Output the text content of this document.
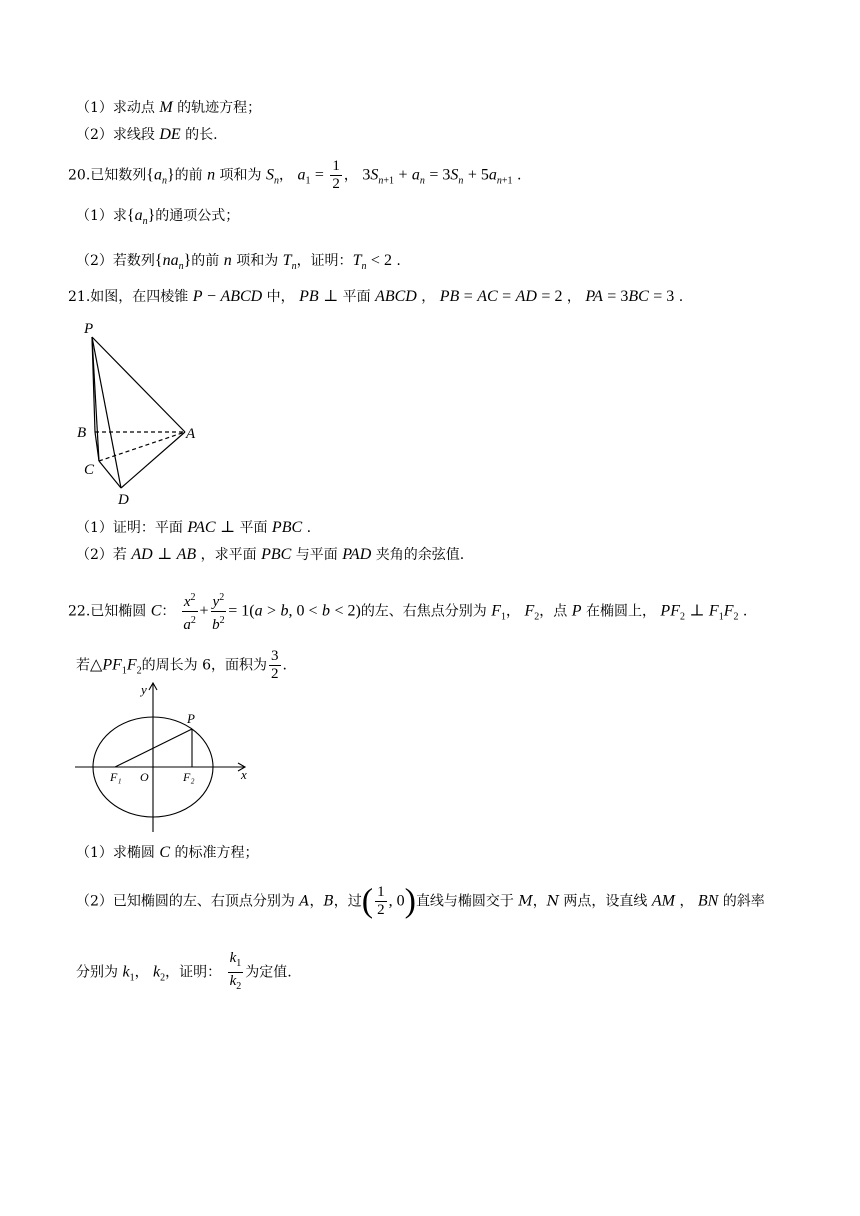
（1）求动点 M 的轨迹方程；
（2）求线段 DE 的长.
20.已知数列$\{a_n\}$的前 n 项和为 $S_n$， $a_1 = \frac{1}{2}$ ， $3S_{n+1} + a_n = 3S_n + 5a_{n+1}$ .
（1）求$\{a_n\}$的通项公式；
（2）若数列$\{na_n\}$的前 n 项和为 $T_n$，证明：$T_n < 2$ .
21.如图，在四棱锥 P − ABCD 中， PB ⊥ 平面 ABCD ， PB = AC = AD = 2 ， PA = 3BC = 3 .
P
B	A
C
D
（1）证明：平面 PAC ⊥ 平面 PBC .
（2）若 AD ⊥ AB ，求平面 PBC 与平面 PAD 夹角的余弦值.
22.已知椭圆 C： $\frac{x^2}{a^2} + \frac{y^2}{b^2} = 1(a > b$, 0 < b < 2)的左、右焦点分别为 $F_1$， $F_2$，点 P 在椭圆上， $PF_2$ ⊥ $F_1F_2$ .
若$\triangle PF_1F_2$的周长为 6，面积为 $\frac{3}{2}$ .
y
P
F₁ O	F₂	x
（1）求椭圆 C 的标准方程；
（2）已知椭圆的左、右顶点分别为 A，B，过( $\frac{1}{2}$ , 0)直线与椭圆交于 M，N 两点，设直线 AM ， BN 的斜率
分别为 $k_1$， $k_2$，证明： $\frac{k_1}{k_2}$ 为定值.
